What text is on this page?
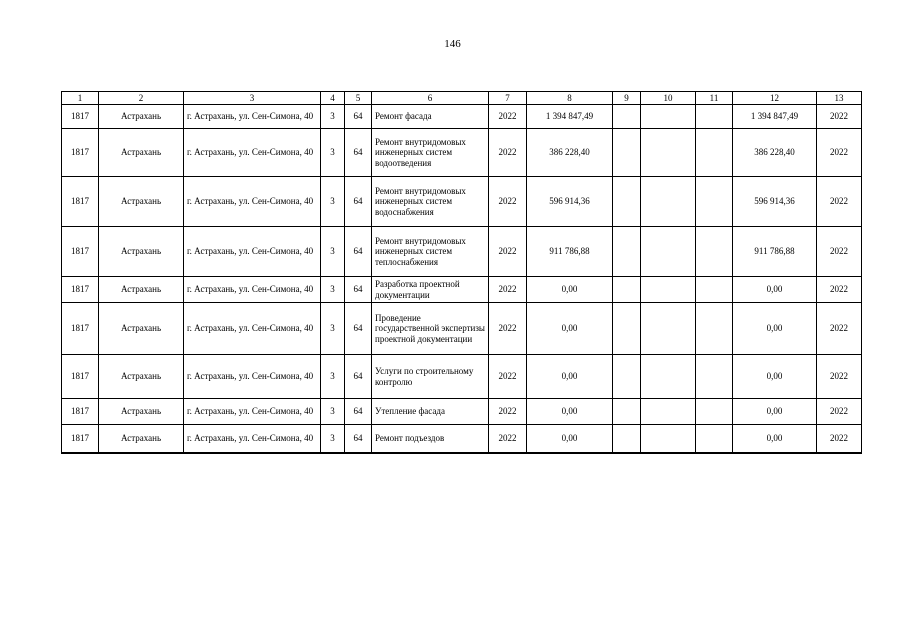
146
1	2	3	4	5	6	7	8	9	10	11	12	13
1817	Астрахань	г. Астрахань, ул. Сен-Симона, 40	3	64	Ремонт фасада	2022	1 394 847,49				1 394 847,49	2022
1817	Астрахань	г. Астрахань, ул. Сен-Симона, 40	3	64	Ремонт внутридомовых инженерных систем водоотведения	2022	386 228,40				386 228,40	2022
1817	Астрахань	г. Астрахань, ул. Сен-Симона, 40	3	64	Ремонт внутридомовых инженерных систем водоснабжения	2022	596 914,36				596 914,36	2022
1817	Астрахань	г. Астрахань, ул. Сен-Симона, 40	3	64	Ремонт внутридомовых инженерных систем теплоснабжения	2022	911 786,88				911 786,88	2022
1817	Астрахань	г. Астрахань, ул. Сен-Симона, 40	3	64	Разработка проектной документации	2022	0,00				0,00	2022
1817	Астрахань	г. Астрахань, ул. Сен-Симона, 40	3	64	Проведение государственной экспертизы проектной документации	2022	0,00				0,00	2022
1817	Астрахань	г. Астрахань, ул. Сен-Симона, 40	3	64	Услуги по строительному контролю	2022	0,00				0,00	2022
1817	Астрахань	г. Астрахань, ул. Сен-Симона, 40	3	64	Утепление фасада	2022	0,00				0,00	2022
1817	Астрахань	г. Астрахань, ул. Сен-Симона, 40	3	64	Ремонт подъездов	2022	0,00				0,00	2022
